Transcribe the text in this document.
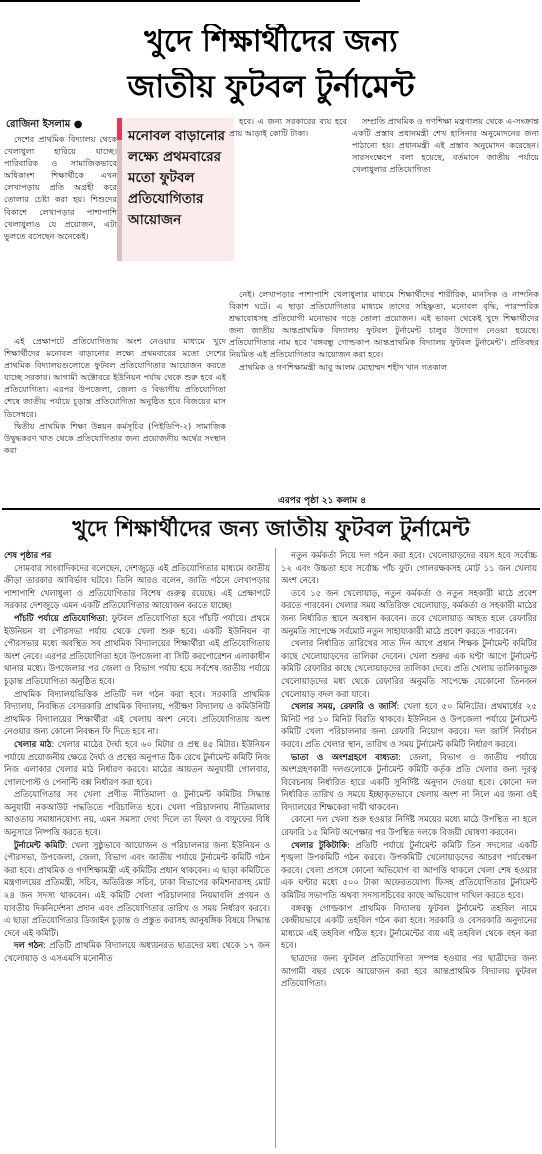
খুদে শিক্ষার্থীদের জন্য
জাতীয় ফুটবল টুর্নামেন্ট
রোজিনা ইসলাম ●

দেশের প্রাথমিক বিদ্যালয় থেকে খেলাধুলা হারিয়ে যাচ্ছে। পারিবারিক ও সামাজিকভাবে অধিকাংশ শিক্ষার্থীকে এখন লেখাপড়ায় প্রতি অগ্রহী করে তোলার চেষ্টা করা হয়। শিশুদের বিকাশে লেখাপড়ার পাশাপাশি খেলাধুলাও যে প্রয়োজন, এটা ভুলতে বসেছেন অনেকেই।

মনোবল বাড়ানোর লক্ষ্যে প্রথমবারের মতো ফুটবল প্রতিযোগিতার আয়োজন

এই প্রেক্ষাপটে প্রতিযোগিতায় অংশ নেওয়ার মাধ্যমে খুদে শিক্ষার্থীদের মনোবল বাড়ানোর লক্ষ্যে প্রথমবারের মতো দেশের প্রাথমিক বিদ্যালয়গুলোতে ফুটবল প্রতিযোগিতার আয়োজন করতে যাচ্ছে সরকার। আগামী অক্টোবরে ইউনিয়ন পর্যায় থেকে শুরু হবে এই প্রতিযোগিতা। এরপর উপজেলা, জেলা ও বিভাগীয় প্রতিযোগিতা শেষে জাতীয় পর্যায়ে চূড়ান্ত প্রতিযোগিতা অনুষ্ঠিত হবে বিজয়ের মাস ডিসেম্বরে।

দ্বিতীয় প্রাথমিক শিক্ষা উন্নয়ন কর্মসূচির (পিইডিপি-২) সামাজিক উদ্বুদ্ধকরণ খাত থেকে প্রতিযোগিতার জন্য প্রয়োজনীয় অর্থের সংস্থান করা

হবে। এ জন্য সরকারের ব্যয় হবে প্রায় আড়াই কোটি টাকা।

সম্প্রতি প্রাথমিক ও গণশিক্ষা মন্ত্রণালয় থেকে এ-সংক্রান্ত একটি প্রস্তাব প্রধানমন্ত্রী শেখ হাসিনার অনুমোদনের জন্য পাঠানো হয়। প্রধানমন্ত্রী এই প্রস্তাব অনুমোদন করেছেন। সারসংক্ষেপে বলা হয়েছে, বর্তমানে জাতীয় পর্যায়ে খেলাধুলার প্রতিযোগিতা

নেই। লেখাপড়ার পাশাপাশি খেলাধুলার মাধ্যমে শিক্ষার্থীদের শারীরিক, মানসিক ও নান্দনিক বিকাশ ঘটে। এ ছাড়া প্রতিযোগিতার মাধ্যমে তাদের সহিষ্ণুতা, মনোবল বৃদ্ধি, পারস্পরিক শ্রদ্ধাবোধসহ প্রতিযোগী মনোভাব গড়ে তোলা প্রয়োজন। এই ভাবনা থেকেই খুদে শিক্ষার্থীদের জন্য জাতীয় আন্তপ্রাথমিক বিদ্যালয় ফুটবল টুর্নামেন্ট চালুর উদ্যোগ নেওয়া হয়েছে। প্রতিযোগিতার নাম হবে 'বঙ্গবন্ধু গোল্ডকাপ আন্তপ্রাথমিক বিদ্যালয় ফুটবল টুর্নামেন্ট'। প্রতিবছর নিয়মিত এই প্রতিযোগিতার আয়োজন করা হবে।

প্রাথমিক ও গণশিক্ষামন্ত্রী আবু আলম মোহাম্মদ শহীদ খান গতকাল

এরপর পৃষ্ঠা ২১ কলাম ৪
খুদে শিক্ষার্থীদের জন্য জাতীয় ফুটবল টুর্নামেন্ট

শেষ পৃষ্ঠার পর

সোমবার সাংবাদিকদের বলেছেন, দেশজুড়ে এই প্রতিযোগিতার মাধ্যমে জাতীয় ক্রীড়া তারকার আবির্ভাব ঘটবে। তিনি আরও বলেন, জাতি গঠনে লেখাপড়ার পাশাপাশি খেলাধুলা ও প্রতিযোগিতার বিশেষ গুরুত্ব রয়েছে। এই প্রেক্ষাপটে সরকার দেশজুড়ে এমন একটি প্রতিযোগিতার আয়োজন করতে যাচ্ছে।

পাঁচটি পর্যায়ে প্রতিযোগিতা: ফুটবল প্রতিযোগিতা হবে পাঁচটি পর্যায়ে। প্রথমে ইউনিয়ন বা পৌরসভা পর্যায় থেকে খেলা শুরু হবে। একটি ইউনিয়ন বা পৌরসভার মধ্যে অবস্থিত সব প্রাথমিক বিদ্যালয়ের শিক্ষার্থীরা এই প্রতিযোগিতায় অংশ নেবে। এরপর প্রতিযোগিতা হবে উপজেলা বা সিটি করপোরেশন এলাকাধীন থানার মধ্যে। উপজেলার পর জেলা ও বিভাগ পর্যায় হয়ে সর্বশেষ জাতীয় পর্যায়ে চূড়ান্ত প্রতিযোগিতা অনুষ্ঠিত হবে।

প্রাথমিক বিদ্যালয়ভিত্তিক প্রতিটি দল গঠন করা হবে। সরকারি প্রাথমিক বিদ্যালয়, নিবন্ধিত বেসরকারি প্রাথমিক বিদ্যালয়, পরীক্ষণ বিদ্যালয় ও কমিউনিটি প্রাথমিক বিদ্যালয়ের শিক্ষার্থীরা এই খেলায় অংশ নেবে। প্রতিযোগিতায় অংশ নেওয়ার জন্য কোনো নিবন্ধন ফি দিতে হবে না।

খেলার মাঠ: খেলার মাঠের দৈর্ঘ্য হবে ৬০ মিটার ও প্রস্থ ৪৫ মিটার। ইউনিয়ন পর্যায়ে প্রয়োজনীয় ক্ষেত্রে দৈর্ঘ্য ও প্রস্থের অনুপাত ঠিক রেখে টুর্নামেন্ট কমিটি নিজ নিজ এলাকার খেলার মাঠ নির্ধারণ করবে। মাঠের আয়তন অনুযায়ী গোলবার, গোলপোস্ট ও পেনাল্টি বক্স নির্ধারণ করা হবে।

প্রতিযোগিতার সব খেলা প্রণীত নীতিমালা ও টুর্নামেন্ট কমিটির সিদ্ধান্ত অনুযায়ী নকআউট পদ্ধতিতে পরিচালিত হবে। খেলা পরিচালনায় নীতিমালার আওতায় সমাধানযোগ্য নয়, এমন সমস্যা দেখা দিলে তা ফিফা ও বাফুফের বিধি অনুসারে নিষ্পত্তি করতে হবে।

টুর্নামেন্ট কমিটি: খেলা সুষ্ঠুভাবে আয়োজন ও পরিচালনার জন্য ইউনিয়ন ও পৌরসভা, উপজেলা, জেলা, বিভাগ এবং জাতীয় পর্যায়ে টুর্নামেন্ট কমিটি গঠন করা হবে। প্রাথমিক ও গণশিক্ষামন্ত্রী এই কমিটির প্রধান থাকবেন। এ ছাড়া কমিটিতে মন্ত্রণালয়ের প্রতিমন্ত্রী, সচিব, অতিরিক্ত সচিব, ঢাকা বিভাগের কমিশনারসহ মোট ২৪ জন সদস্য থাকবেন। এই কমিটি খেলা পরিচালনার নিয়মাবলি প্রণয়ন ও যাবতীয় দিকনির্দেশনা প্রদান এবং প্রতিযোগিতার তারিখ ও সময় নির্ধারণ করবে। এ ছাড়া প্রতিযোগিতার ডিজাইন চূড়ান্ত ও প্রস্তুত করাসহ আনুষঙ্গিক বিষয়ে সিদ্ধান্ত দেবে এই কমিটি।

দল গঠন: প্রতিটি প্রাথমিক বিদ্যালয়ে অধ্যয়নরত ছাত্রদের মধ্য থেকে ১৭ জন খেলোয়াড় ও এসএমসি মনোনীত

নতুন কর্মকর্তা নিয়ে দল গঠন করা হবে। খেলোয়াড়দের বয়স হবে সর্বোচ্চ ১২ এবং উচ্চতা হবে সর্বোচ্চ পাঁচ ফুট। গোলরক্ষকসহ মোট ১১ জন খেলায় অংশ নেবে।

তবে ১৫ জন খেলোয়াড়, নতুন কর্মকর্তা ও নতুন সহকারী মাঠে প্রবেশ করতে পারবেন। খেলার সময় অতিরিক্ত খেলোয়াড়, কর্মকর্তা ও সহকারী মাঠের জন্য নির্ধারিত স্থানে অবস্থান করবেন। তবে খেলোয়াড় আহত হলে রেফারির অনুমতি সাপেক্ষে সর্বমোট নতুন সাহায্যকারী মাঠে প্রবেশ করতে পারবেন।

খেলার নির্ধারিত তারিখের সাত দিন আগে প্রধান শিক্ষক টুর্নামেন্ট কমিটির কাছে খেলোয়াড়দের তালিকা দেবেন। খেলা শুরুর এক ঘণ্টা আগে টুর্নামেন্ট কমিটি রেফারির কাছে খেলোয়াড়দের তালিকা দেবে। প্রতি খেলায় তালিকাভুক্ত খেলোয়াড়দের মধ্য থেকে রেফারির অনুমতি সাপেক্ষে যেকোনো তিনজন খেলোয়াড় বদল করা যাবে।

খেলার সময়, রেফারি ও জার্সি: খেলা হবে ৫০ মিনিটের। প্রথমার্ধের ২৫ মিনিট পর ১০ মিনিট বিরতি থাকবে। ইউনিয়ন ও উপজেলা পর্যায়ে টুর্নামেন্ট কমিটি খেলা পরিচালনার জন্য রেফারি নিয়োগ করবে। দল জার্সি নির্বাচন করবে। প্রতি খেলার স্থান, তারিখ ও সময় টুর্নামেন্ট কমিটি নির্ধারণ করবে।

ভাতা ও অংশগ্রহণে বাধ্যতা: জেলা, বিভাগ ও জাতীয় পর্যায়ে অংশগ্রহণকারী দলগুলোকে টুর্নামেন্ট কমিটি কর্তৃক প্রতি খেলার জন্য দূরত্ব বিবেচনায় নির্ধারিত হারে একটি সুনির্দিষ্ট অনুদান দেওয়া হবে। কোনো দল নির্ধারিত তারিখ ও সময়ে ইচ্ছাকৃতভাবে খেলায় অংশ না নিলে এর জন্য ওই বিদ্যালয়ের শিক্ষকেরা দায়ী থাকবেন।

কোনো দল খেলা শুরু হওয়ার নির্দিষ্ট সময়ের মধ্যে মাঠে উপস্থিত না হলে রেফারি ১৫ মিনিট অপেক্ষার পর উপস্থিত দলকে বিজয়ী ঘোষণা করবেন।

খেলার টুকিটাকি: প্রতিটি পর্যায়ে টুর্নামেন্ট কমিটি তিন সদস্যের একটি শৃঙ্খলা উপকমিটি গঠন করবে। উপকমিটি খেলোয়াড়দের আচরণ পর্যবেক্ষণ করবে। খেলা প্রসঙ্গে কোনো অভিযোগ বা আপত্তি থাকলে খেলা শেষ হওয়ার এক ঘণ্টার মধ্যে ৫০০ টাকা অফেরতযোগ্য ফিসহ প্রতিযোগিতার টুর্নামেন্ট কমিটির সভাপতি অথবা সদস্যসচিবের কাছে অভিযোগ দাখিল করতে হবে।

বঙ্গবন্ধু গোল্ডকাপ প্রাথমিক বিদ্যালয় ফুটবল টুর্নামেন্ট তহবিল নামে কেন্দ্রীয়ভাবে একটি তহবিল গঠন করা হবে। সরকারি ও বেসরকারি অনুদানের মাধ্যমে এই তহবিল গঠিত হবে। টুর্নামেন্টের ব্যয় এই তহবিল থেকে বহন করা হবে।

ছাত্রদের জন্য ফুটবল প্রতিযোগিতা সম্পন্ন হওয়ার পর ছাত্রীদের জন্য আগামী বছর থেকে আয়োজন করা হবে আন্তপ্রাথমিক বিদ্যালয় ফুটবল প্রতিযোগিতা।
